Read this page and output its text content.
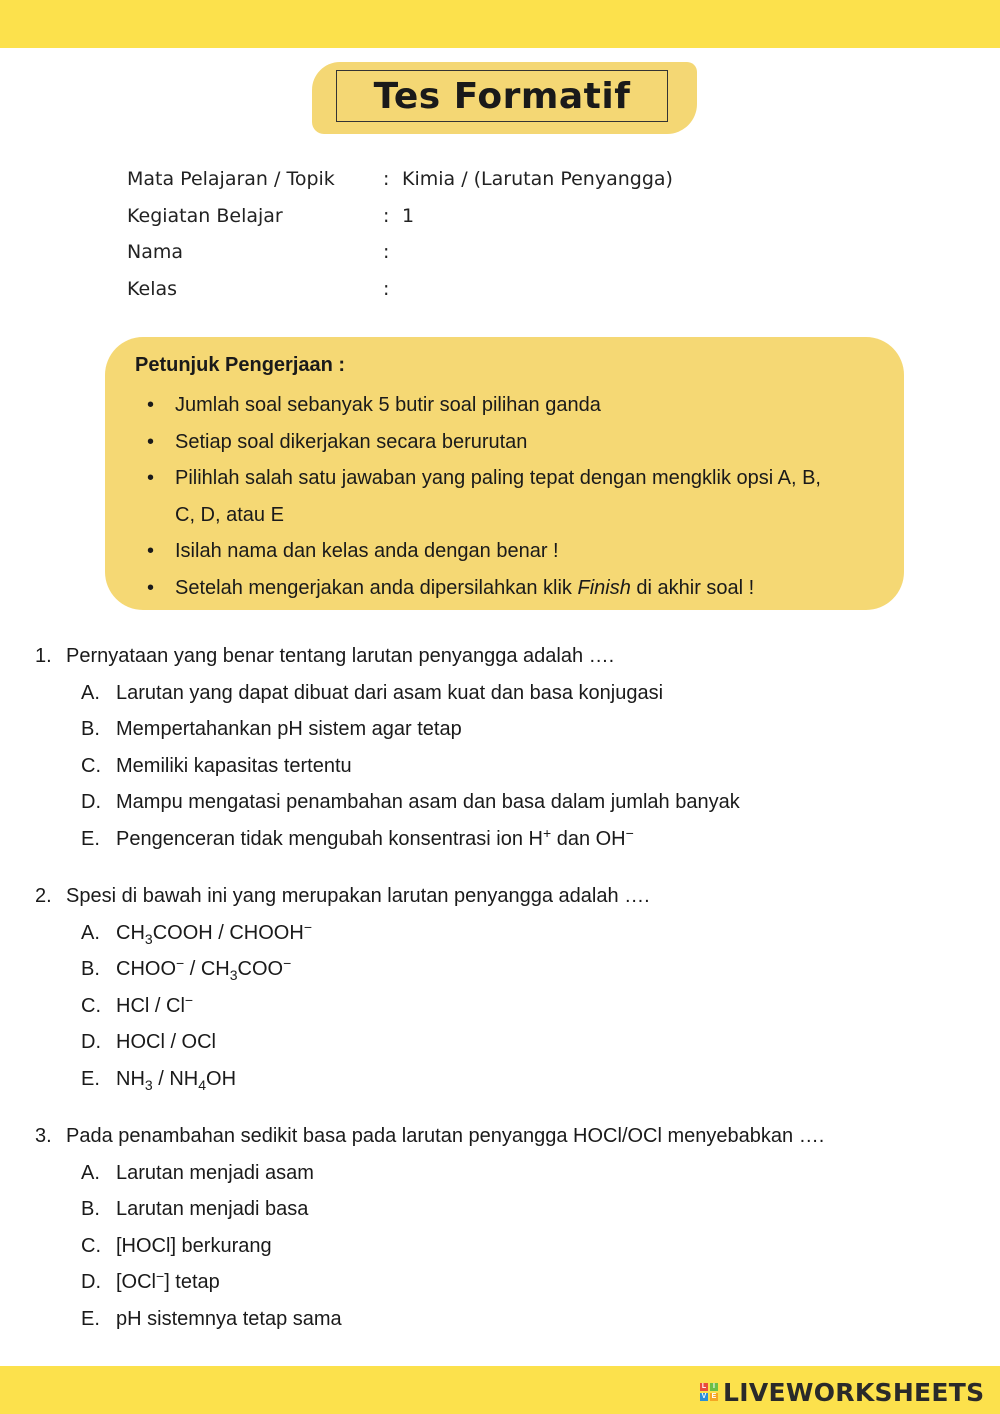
Tes Formatif
Mata Pelajaran / Topik	: Kimia / (Larutan Penyangga)
Kegiatan Belajar	: 1
Nama	:
Kelas	:
Petunjuk Pengerjaan :
• Jumlah soal sebanyak 5 butir soal pilihan ganda
• Setiap soal dikerjakan secara berurutan
• Pilihlah salah satu jawaban yang paling tepat dengan mengklik opsi A, B,
C, D, atau E
• Isilah nama dan kelas anda dengan benar !
• Setelah mengerjakan anda dipersilahkan klik Finish di akhir soal !
1. Pernyataan yang benar tentang larutan penyangga adalah ….
A. Larutan yang dapat dibuat dari asam kuat dan basa konjugasi
B. Mempertahankan pH sistem agar tetap
C. Memiliki kapasitas tertentu
D. Mampu mengatasi penambahan asam dan basa dalam jumlah banyak
E. Pengenceran tidak mengubah konsentrasi ion H+ dan OH−
2. Spesi di bawah ini yang merupakan larutan penyangga adalah ….
A. $CH_3COOH$ / CHOOH−
B. CHOO− / $CH_3COO^-$
C. HCl / Cl−
D. HOCl / OCl
E. $NH_3 / NH_4OH$
3. Pada penambahan sedikit basa pada larutan penyangga HOCl/OCl menyebabkan ….
A. Larutan menjadi asam
B. Larutan menjadi basa
C. [HOCl] berkurang
D. [OCl−] tetap
E. pH sistemnya tetap sama
L I
V E LIVEWORKSHEETS
